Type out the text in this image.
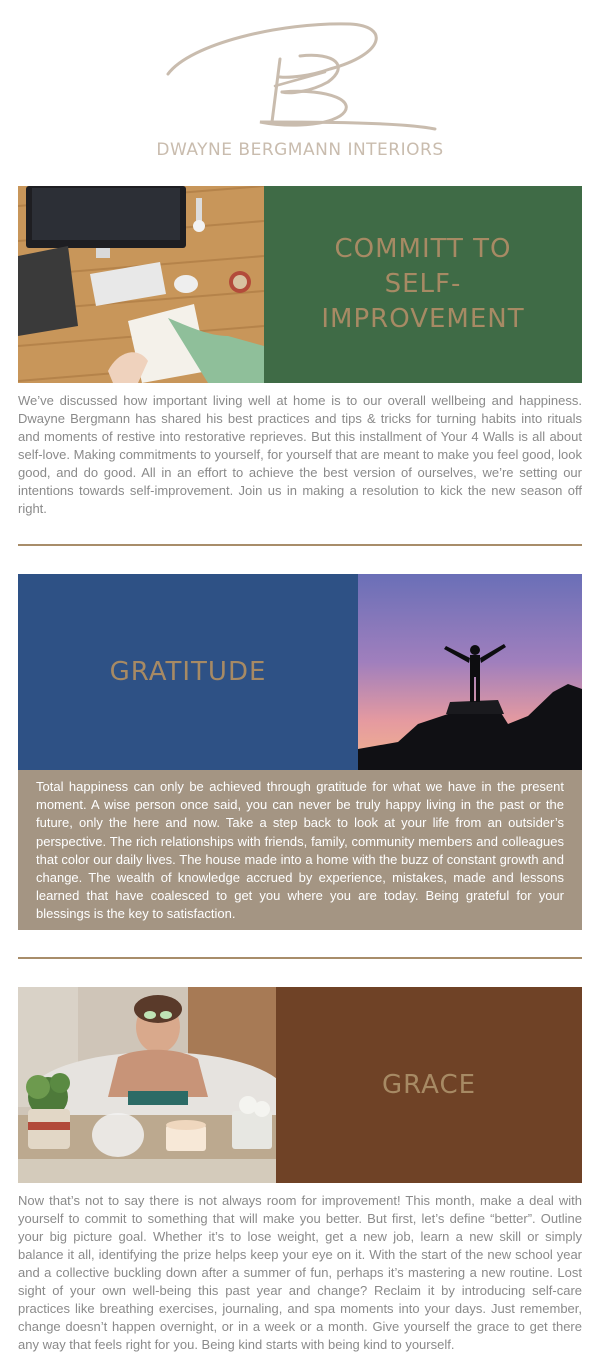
DWAYNE BERGMANN INTERIORS
COMMITT TO
SELF-
IMPROVEMENT

We’ve discussed how important living well at home is to our overall wellbeing and happiness. Dwayne Bergmann has shared his best practices and tips & tricks for turning habits into rituals and moments of restive into restorative reprieves. But this installment of Your 4 Walls is all about self-love. Making commitments to yourself, for yourself that are meant to make you feel good, look good, and do good. All in an effort to achieve the best version of ourselves, we’re setting our intentions towards self-improvement. Join us in making a resolution to kick the new season off right.

GRATITUDE

Total happiness can only be achieved through gratitude for what we have in the present moment. A wise person once said, you can never be truly happy living in the past or the future, only the here and now. Take a step back to look at your life from an outsider’s perspective. The rich relationships with friends, family, community members and colleagues that color our daily lives. The house made into a home with the buzz of constant growth and change. The wealth of knowledge accrued by experience, mistakes, made and lessons learned that have coalesced to get you where you are today. Being grateful for your blessings is the key to satisfaction.

GRACE

Now that’s not to say there is not always room for improvement! This month, make a deal with yourself to commit to something that will make you better. But first, let’s define “better”. Outline your big picture goal. Whether it’s to lose weight, get a new job, learn a new skill or simply balance it all, identifying the prize helps keep your eye on it. With the start of the new school year and a collective buckling down after a summer of fun, perhaps it’s mastering a new routine. Lost sight of your own well-being this past year and change? Reclaim it by introducing self-care practices like breathing exercises, journaling, and spa moments into your days. Just remember, change doesn’t happen overnight, or in a week or a month. Give yourself the grace to get there any way that feels right for you. Being kind starts with being kind to yourself.
